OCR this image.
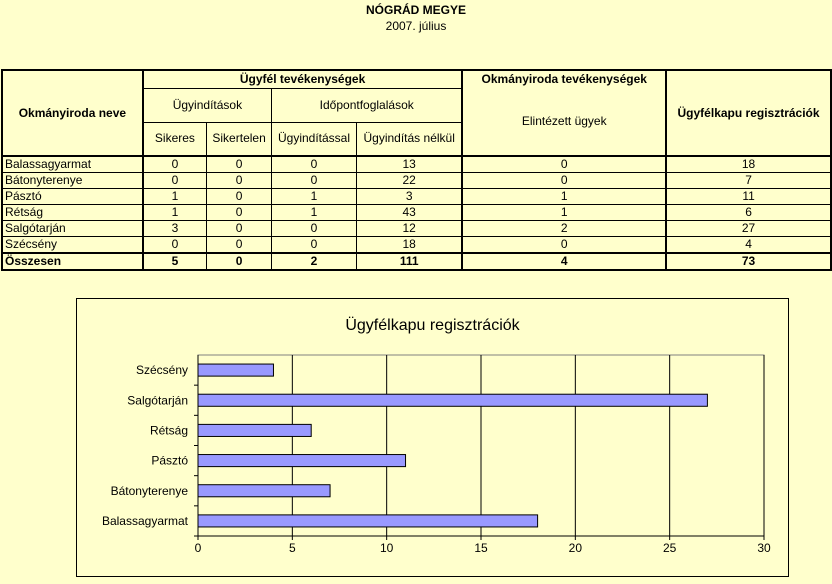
NÓGRÁD MEGYE
2007. július
Okmányiroda neve	Ügyfél tevékenységek				Okmányiroda tevékenységek	Ügyfélkapu regisztrációk
	Ügyindítások		Időpontfoglalások		Elintézett ügyek	
	Sikeres	Sikertelen	Ügyindítással	Ügyindítás nélkül		
Balassagyarmat	0	0	0	13	0	18
Bátonyterenye	0	0	0	22	0	7
Pásztó	1	0	1	3	1	11
Rétság	1	0	1	43	1	6
Salgótarján	3	0	0	12	2	27
Szécsény	0	0	0	18	0	4
Összesen	5	0	2	111	4	73
Ügyfélkapu regisztrációk
0	5	10	15	20	25	30
Balassagyarmat
Bátonyterenye
Pásztó
Rétság
Salgótarján
Szécsény
